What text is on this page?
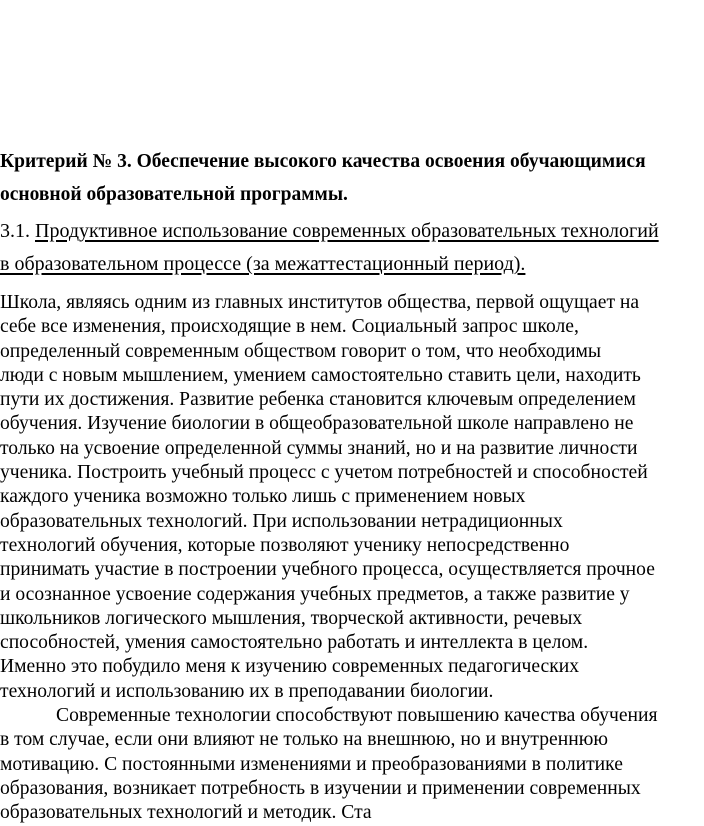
Критерий № 3. Обеспечение высокого качества освоения обучающимися
основной образовательной программы.
3.1. Продуктивное использование современных образовательных технологий
в образовательном процессе (за межаттестационный период).
Школа, являясь одним из главных институтов общества, первой ощущает на
себе все изменения, происходящие в нем. Социальный запрос школе,
определенный современным обществом говорит о том, что необходимы
люди с новым мышлением, умением самостоятельно ставить цели, находить
пути их достижения. Развитие ребенка становится ключевым определением
обучения. Изучение биологии в общеобразовательной школе направлено не
только на усвоение определенной суммы знаний, но и на развитие личности
ученика. Построить учебный процесс с учетом потребностей и способностей
каждого ученика возможно только лишь с применением новых
образовательных технологий. При использовании нетрадиционных
технологий обучения, которые позволяют ученику непосредственно
принимать участие в построении учебного процесса, осуществляется прочное
и осознанное усвоение содержания учебных предметов, а также развитие у
школьников логического мышления, творческой активности, речевых
способностей, умения самостоятельно работать и интеллекта в целом.
Именно это побудило меня к изучению современных педагогических
технологий и использованию их в преподавании биологии.
Современные технологии способствуют повышению качества обучения
в том случае, если они влияют не только на внешнюю, но и внутреннюю
мотивацию. С постоянными изменениями и преобразованиями в политике
образования, возникает потребность в изучении и применении современных
образовательных технологий и методик. Ста
